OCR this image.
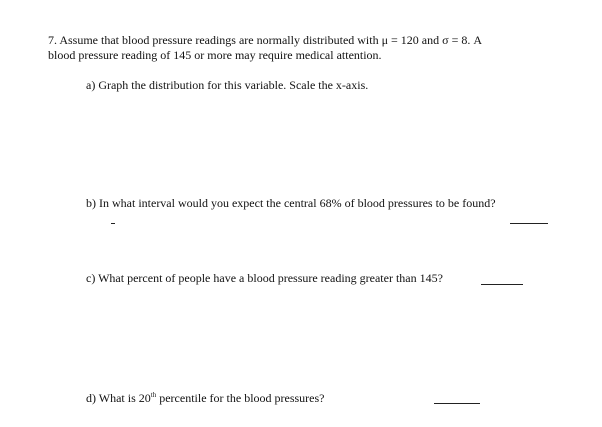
7. Assume that blood pressure readings are normally distributed with μ = 120 and σ = 8. A
blood pressure reading of 145 or more may require medical attention.
a) Graph the distribution for this variable. Scale the x-axis.
b) In what interval would you expect the central 68% of blood pressures to be found?
c) What percent of people have a blood pressure reading greater than 145?
d) What is 20th percentile for the blood pressures?
